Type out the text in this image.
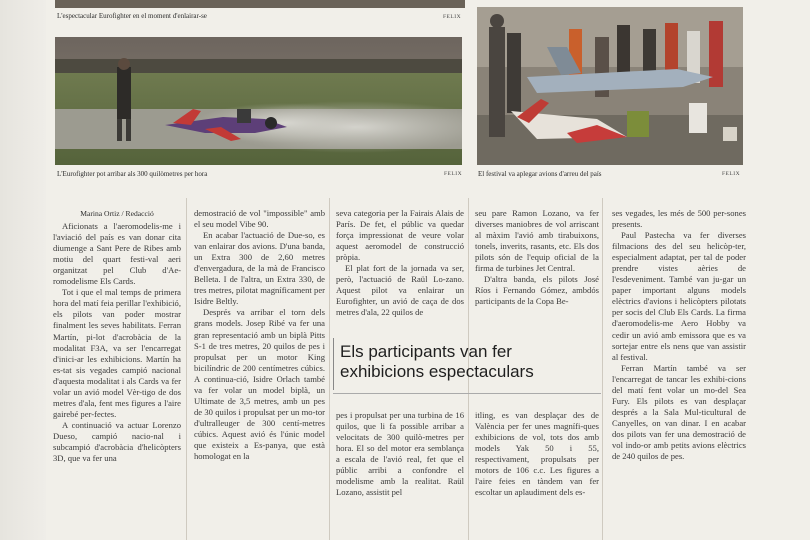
L'espectacular Eurofighter en el moment d'enlairar-se	FELIX
L'Eurofighter pot arribar als 300 quilòmetres per hora	FELIX El festival va aplegar avions d'arreu del país	FELIX
Marina Ortiz / Redacció

Aficionats a l'aeromodelis-me i l'aviació del país es van donar cita diumenge a Sant Pere de Ribes amb motiu del quart festi-val aeri organitzat pel Club d'Ae-romodelisme Els Cards.

Tot i que el mal temps de primera hora del matí feia perillar l'exhibició, els pilots van poder mostrar finalment les seves habilitats. Ferran Martín, pi-lot d'acrobàcia de la modalitat F3A, va ser l'encarregat d'inici-ar les exhibicions. Martín ha es-tat sis vegades campió nacional d'aquesta modalitat i als Cards va fer volar un avió model Vèr-tigo de dos metres d'ala, fent mes figures a l'aire gairebé per-fectes.

A continuació va actuar Lorenzo Dueso, campió nacio-nal i subcampió d'acrobàcia d'helicòpters 3D, que va fer una

demostració de vol "impossible" amb el seu model Vibe 90.

En acabar l'actuació de Due-so, es van enlairar dos avions. D'una banda, un Extra 300 de 2,60 metres d'envergadura, de la mà de Francisco Belleta. I de l'altra, un Extra 330, de tres metres, pilotat magníficament per Isidre Beltly.

Després va arribar el torn dels grans models. Josep Ribé va fer una gran representació amb un biplà Pitts S-1 de tres metres, 20 quilos de pes i propulsat per un motor King bicilíndric de 200 centímetres cúbics. A continua-ció, Isidre Orlach també va fer volar un model biplà, un Ultimate de 3,5 metres, amb un pes de 30 quilos i propulsat per un mo-tor d'ultralleuger de 300 centí-metres cúbics. Aquest avió és l'únic model que existeix a Es-panya, que està homologat en la

seva categoria per la Fairais Alais de París. De fet, el públic va quedar força impressionat de veure volar aquest aeromodel de construcció pròpia.

El plat fort de la jornada va ser, però, l'actuació de Raül Lo-zano. Aquest pilot va enlairar un Eurofighter, un avió de caça de dos metres d'ala, 22 quilos de

seu pare Ramon Lozano, va fer diverses maniobres de vol arriscant al màxim l'avió amb tirabuixons, tonels, inverits, rasants, etc. Els dos pilots són de l'equip oficial de la firma de turbines Jet Central.

D'altra banda, els pilots José Ríos i Fernando Gómez, ambdós participants de la Copa Be-

Els participants van fer exhibicions espectaculars

pes i propulsat per una turbina de 16 quilos, que li fa possible arribar a velocitats de 300 quilò-metres per hora. El so del motor era semblança a escala de l'avió real, fet que el públic arribi a confondre el modelisme amb la realitat. Raül Lozano, assistit pel

itling, es van desplaçar des de València per fer unes magnífi-ques exhibicions de vol, tots dos amb models Yak 50 i 55, respectivament, propulsats per motors de 106 c.c. Les figures a l'aire feies en tàndem van fer escoltar un aplaudiment dels es-

ses vegades, les més de 500 per-sones presents.

Paul Pastecha va fer diverses filmacions des del seu helicòp-ter, especialment adaptat, per tal de poder prendre vistes aèries de l'esdeveniment. També van ju-gar un paper important alguns models elèctrics d'avions i helicòpters pilotats per socis del Club Els Cards. La firma d'aeromodelis-me Aero Hobby va cedir un avió amb emissora que es va sortejar entre els nens que van assistir al festival.

Ferran Martín també va ser l'encarregat de tancar les exhibi-cions del matí fent volar un mo-del Sea Fury. Els pilots es van desplaçar després a la Sala Mul-ticultural de Canyelles, on van dinar. I en acabar dos pilots van fer una demostració de vol indo-or amb petits avions elèctrics de 240 quilos de pes.
